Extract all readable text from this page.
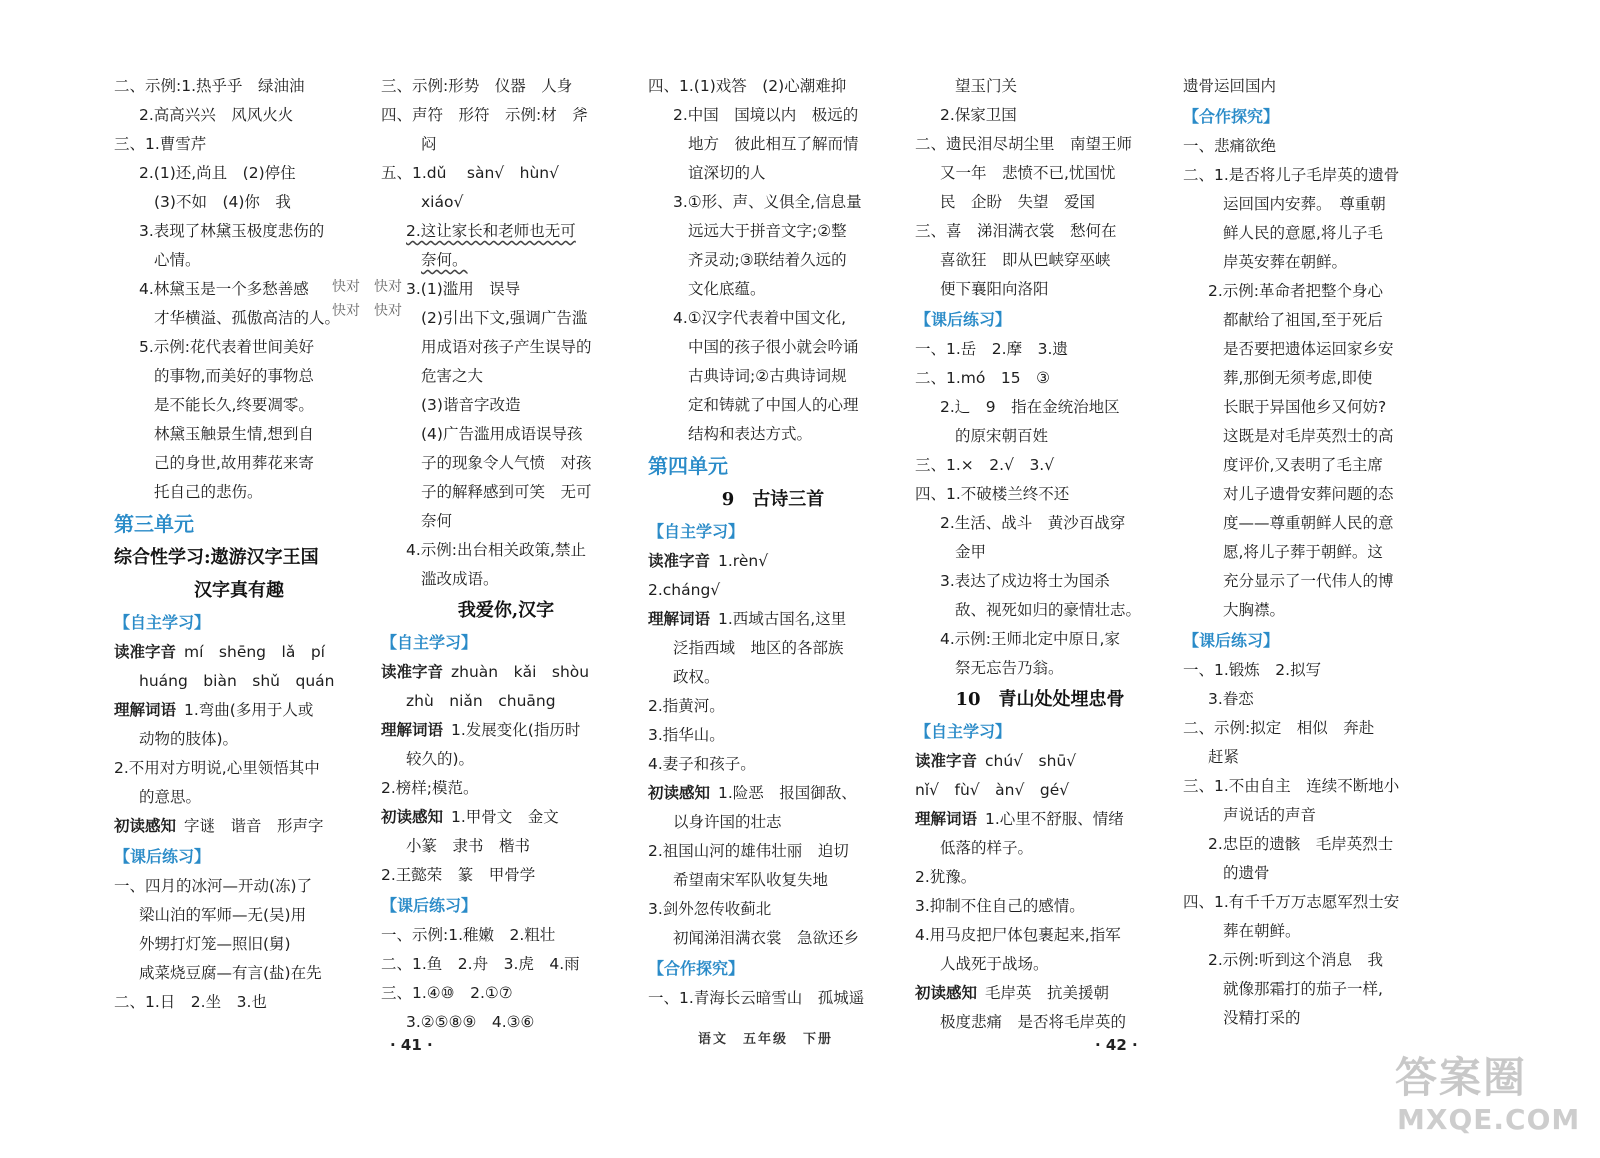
二、示例:1.热乎乎　绿油油
2.高高兴兴　风风火火
三、1.曹雪芹
2.(1)还,尚且　(2)停住
(3)不如　(4)你　我
3.表现了林黛玉极度悲伤的
心情。
4.林黛玉是一个多愁善感
才华横溢、孤傲高洁的人。
5.示例:花代表着世间美好
的事物,而美好的事物总
是不能长久,终要凋零。
林黛玉触景生情,想到自
己的身世,故用葬花来寄
托自己的悲伤。
第三单元
综合性学习:遨游汉字王国
汉字真有趣
【自主学习】
读准字音 mí　shēng　lǎ　pí
huáng　biàn　shǔ　quán
理解词语 1.弯曲(多用于人或
动物的肢体)。
2.不用对方明说,心里领悟其中
的意思。
初读感知 字谜　谐音　形声字
【课后练习】
一、四月的冰河—开动(冻)了
梁山泊的军师—无(吴)用
外甥打灯笼—照旧(舅)
咸菜烧豆腐—有言(盐)在先
二、1.日　2.坐　3.也
三、示例:形势　仪器　人身
四、声符　形符　示例:材　斧
闷
五、1.dǔ　 sàn√　hùn√
xiáo√
2.这让家长和老师也无可
奈何。
3.(1)滥用　误导
(2)引出下文,强调广告滥
用成语对孩子产生误导的
危害之大
(3)谐音字改造
(4)广告滥用成语误导孩
子的现象令人气愤　对孩
子的解释感到可笑　无可
奈何
4.示例:出台相关政策,禁止
滥改成语。
我爱你,汉字
【自主学习】
读准字音 zhuàn　kǎi　shòu
zhù　niǎn　chuāng
理解词语 1.发展变化(指历时
较久的)。
2.榜样;模范。
初读感知 1.甲骨文　金文
小篆　隶书　楷书
2.王懿荣　篆　甲骨学
【课后练习】
一、示例:1.稚嫩　2.粗壮
二、1.鱼　2.舟　3.虎　4.雨
三、1.④⑩　2.①⑦
3.②⑤⑧⑨　4.③⑥
四、1.(1)戏答　(2)心潮难抑
2.中国　国境以内　极远的
地方　彼此相互了解而情
谊深切的人
3.①形、声、义俱全,信息量
远远大于拼音文字;②整
齐灵动;③联结着久远的
文化底蕴。
4.①汉字代表着中国文化,
中国的孩子很小就会吟诵
古典诗词;②古典诗词规
定和铸就了中国人的心理
结构和表达方式。
第四单元
9　古诗三首
【自主学习】
读准字音 1.rèn√
2.cháng√
理解词语 1.西域古国名,这里
泛指西域　地区的各部族
政权。
2.指黄河。
3.指华山。
4.妻子和孩子。
初读感知 1.险恶　报国御敌、
以身许国的壮志
2.祖国山河的雄伟壮丽　迫切
希望南宋军队收复失地
3.剑外忽传收蓟北
初闻涕泪满衣裳　急欲还乡
【合作探究】
一、1.青海长云暗雪山　孤城遥
望玉门关
2.保家卫国
二、遗民泪尽胡尘里　南望王师
又一年　悲愤不已,忧国忧
民　企盼　失望　爱国
三、喜　涕泪满衣裳　愁何在
喜欲狂　即从巴峡穿巫峡
便下襄阳向洛阳
【课后练习】
一、1.岳　2.摩　3.遗
二、1.mó　15　③
2.辶　9　指在金统治地区
的原宋朝百姓
三、1.×　2.√　3.√
四、1.不破楼兰终不还
2.生活、战斗　黄沙百战穿
金甲
3.表达了戍边将士为国杀
敌、视死如归的豪情壮志。
4.示例:王师北定中原日,家
祭无忘告乃翁。
10　青山处处埋忠骨
【自主学习】
读准字音 chú√　shū√
nǐ√　fù√　àn√　gé√
理解词语 1.心里不舒服、情绪
低落的样子。
2.犹豫。
3.抑制不住自己的感情。
4.用马皮把尸体包裹起来,指军
人战死于战场。
初读感知 毛岸英　抗美援朝
极度悲痛　是否将毛岸英的
遗骨运回国内
【合作探究】
一、悲痛欲绝
二、1.是否将儿子毛岸英的遗骨
运回国内安葬。　尊重朝
鲜人民的意愿,将儿子毛
岸英安葬在朝鲜。
2.示例:革命者把整个身心
都献给了祖国,至于死后
是否要把遗体运回家乡安
葬,那倒无须考虑,即使
长眠于异国他乡又何妨?
这既是对毛岸英烈士的高
度评价,又表明了毛主席
对儿子遗骨安葬问题的态
度——尊重朝鲜人民的意
愿,将儿子葬于朝鲜。这
充分显示了一代伟人的博
大胸襟。
【课后练习】
一、1.锻炼　2.拟写
3.眷恋
二、示例:拟定　相似　奔赴
赶紧
三、1.不由自主　连续不断地小
声说话的声音
2.忠臣的遗骸　毛岸英烈士
的遗骨
四、1.有千千万万志愿军烈士安
葬在朝鲜。
2.示例:听到这个消息　我
就像那霜打的茄子一样,
没精打采的
快对　快对
快对　快对
· 41 ·	语文　五年级　下册	· 42 ·
答案圈
MXQE.COM
